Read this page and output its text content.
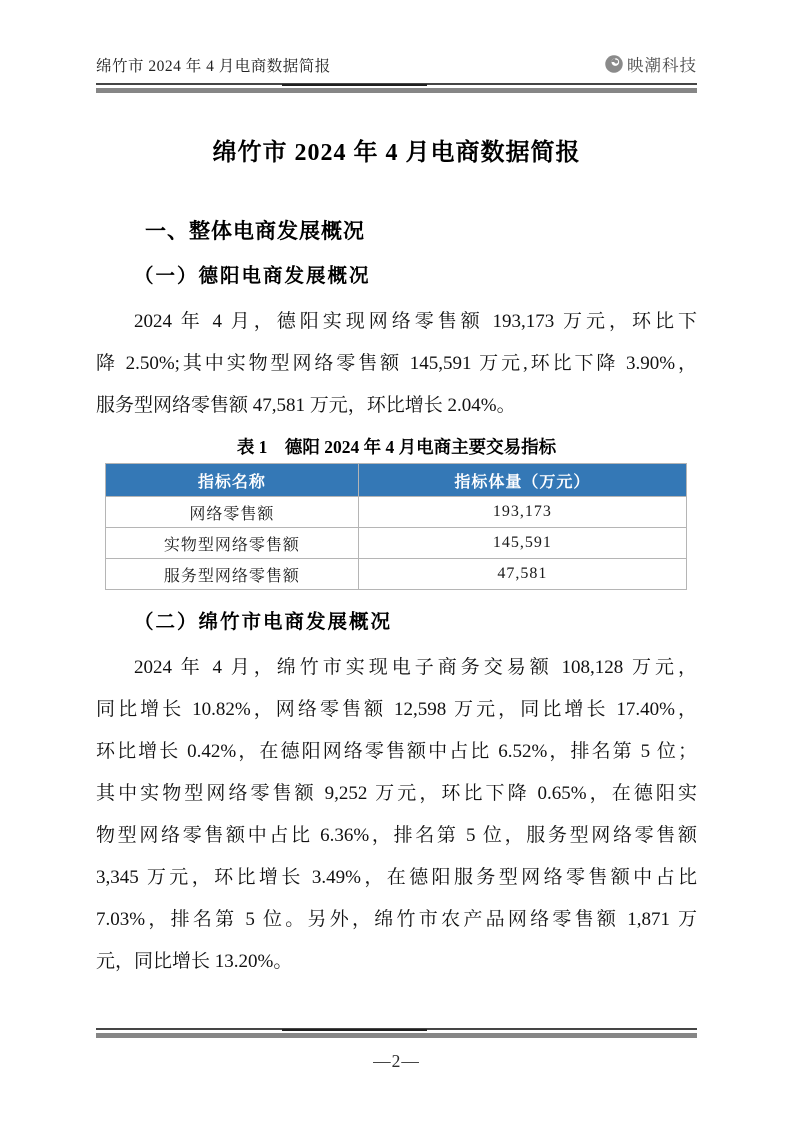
绵竹市 2024 年 4 月电商数据简报	映潮科技
绵竹市 2024 年 4 月电商数据简报
一、整体电商发展概况
（一）德阳电商发展概况
2024 年 4 月，德阳实现网络零售额 193,173 万元，环比下
降 2.50%;其中实物型网络零售额 145,591 万元,环比下降 3.90%，
服务型网络零售额 47,581 万元，环比增长 2.04%。
表 1　德阳 2024 年 4 月电商主要交易指标
指标名称	指标体量（万元）
网络零售额	193,173
实物型网络零售额	145,591
服务型网络零售额	47,581
（二）绵竹市电商发展概况
2024 年 4 月，绵竹市实现电子商务交易额 108,128 万元，
同比增长 10.82%，网络零售额 12,598 万元，同比增长 17.40%，
环比增长 0.42%，在德阳网络零售额中占比 6.52%，排名第 5 位；
其中实物型网络零售额 9,252 万元，环比下降 0.65%，在德阳实
物型网络零售额中占比 6.36%，排名第 5 位，服务型网络零售额
3,345 万元，环比增长 3.49%，在德阳服务型网络零售额中占比
7.03%，排名第 5 位。另外，绵竹市农产品网络零售额 1,871 万
元，同比增长 13.20%。
—2—
